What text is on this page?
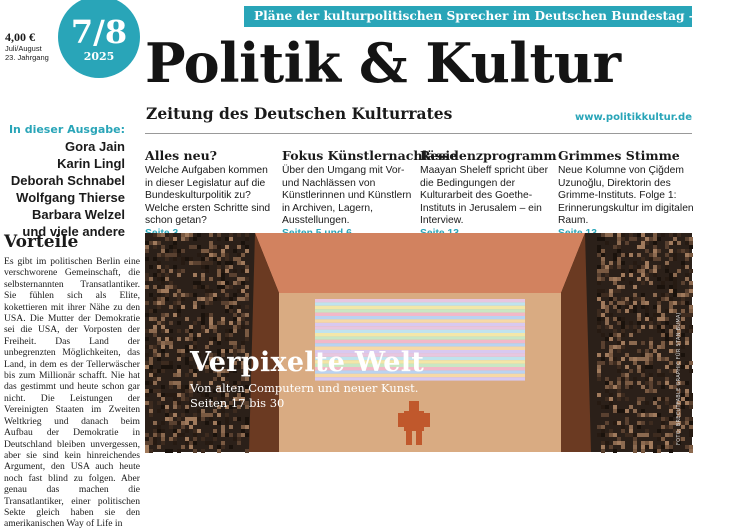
Pläne der kulturpolitischen Sprecher im Deutschen Bundestag – Seite 4
7/8
2025
4,00 €
Juli/August
23. Jahrgang Politik & Kultur
Zeitung des Deutschen Kulturrates	www.politikkultur.de
In dieser Ausgabe:
Gora Jain
Karin Lingl
Deborah Schnabel
Wolfgang Thierse
Barbara Welzel
und viele andere
Alles neu?
Welche Aufgaben kommen in dieser Legislatur auf die Bundeskulturpolitik zu? Welche ersten Schritte sind schon getan?
Fokus Künstlernachlässe
Über den Umgang mit Vor- und Nachlässen von Künstlerinnen und Künstlern in Archiven, Lagern, Ausstellungen.
Residenzprogramm
Maayan Sheleff spricht über die Bedingungen der Kulturarbeit des Goethe-Instituts in Jerusalem – ein Interview.
Grimmes Stimme
Neue Kolumne von Çiğdem Uzunoğlu, Direktorin des Grimme-Instituts. Folge 1: Erinnerungskultur im digitalen Raum.
Vorteile
Es gibt im politischen Berlin eine verschworene Gemeinschaft, die selbsternannten Transatlantiker. Sie fühlen sich als Elite, kokettieren mit ihrer Nähe zu den USA. Die Mutter der Demokratie sei die USA, der Vorposten der Freiheit. Das Land der unbegrenzten Möglichkeiten, das Land, in dem es der Tellerwäscher bis zum Millionär schafft. Nie hat das gestimmt und heute schon gar nicht. Die Leistungen der Vereinigten Staaten im Zweiten Weltkrieg und danach beim Aufbau der Demokratie in Deutschland bleiben unvergessen, aber sie sind kein hinreichendes Argument, den USA auch heute noch fast blind zu folgen. Aber genau das machen die Transatlantiker, einer politischen Sekte gleich haben sie den amerikanischen Way of Life in
Verpixelte Welt
Von alten Computern und neuer Kunst.
Seiten 17 bis 30	FOTO: BRECUTFABLE GRAPHIC FÜR STAN BUMAJ
